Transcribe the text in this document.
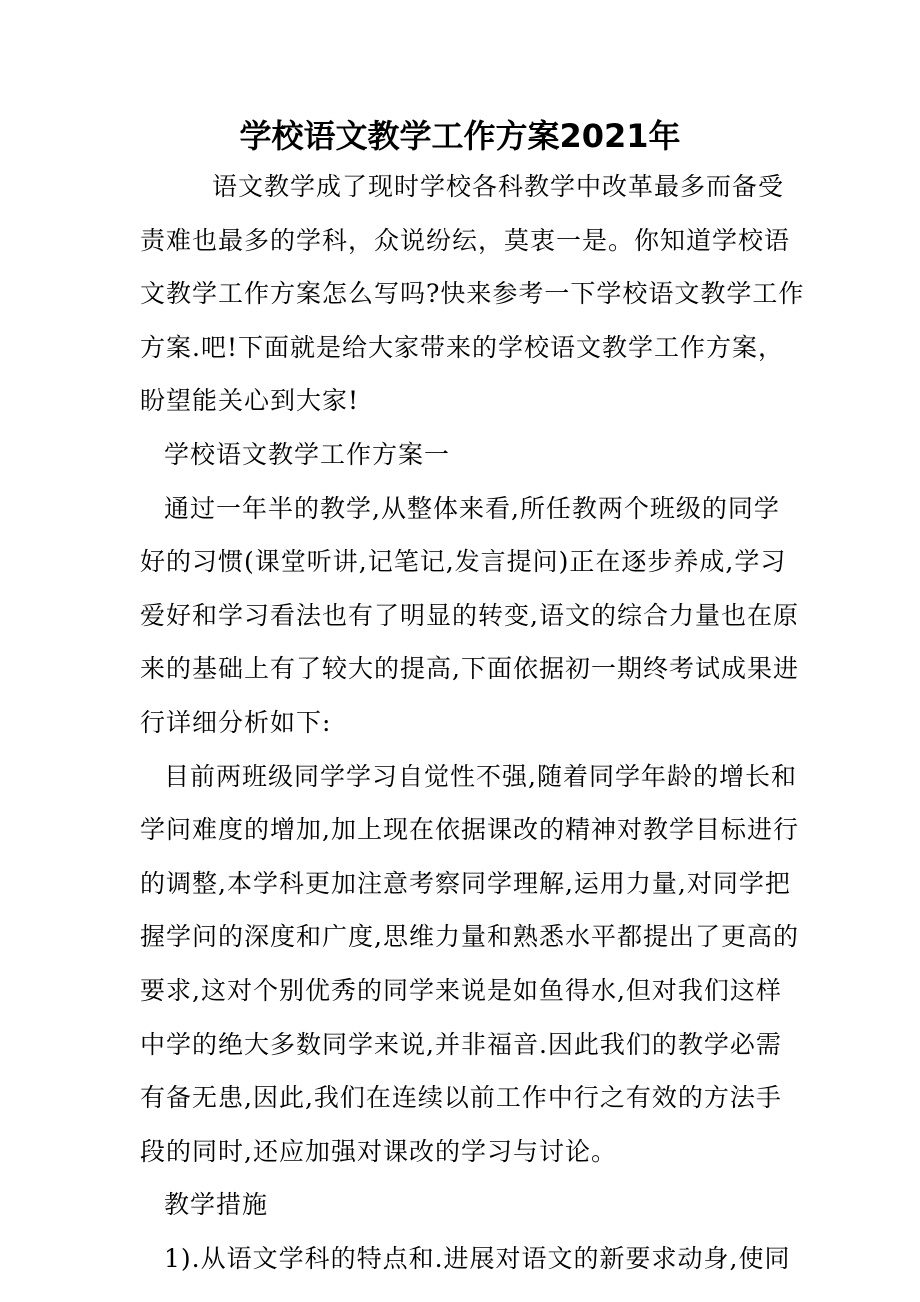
学校语文教学工作方案2021年
语文教学成了现时学校各科教学中改革最多而备受
责难也最多的学科，众说纷纭，莫衷一是。你知道学校语
文教学工作方案怎么写吗?快来参考一下学校语文教学工作
方案.吧!下面就是给大家带来的学校语文教学工作方案，
盼望能关心到大家!
学校语文教学工作方案一
通过一年半的教学,从整体来看,所任教两个班级的同学
好的习惯(课堂听讲,记笔记,发言提问)正在逐步养成,学习
爱好和学习看法也有了明显的转变,语文的综合力量也在原
来的基础上有了较大的提高,下面依据初一期终考试成果进
行详细分析如下:
目前两班级同学学习自觉性不强,随着同学年龄的增长和
学问难度的增加,加上现在依据课改的精神对教学目标进行
的调整,本学科更加注意考察同学理解,运用力量,对同学把
握学问的深度和广度,思维力量和熟悉水平都提出了更高的
要求,这对个别优秀的同学来说是如鱼得水,但对我们这样
中学的绝大多数同学来说,并非福音.因此我们的教学必需
有备无患,因此,我们在连续以前工作中行之有效的方法手
段的同时,还应加强对课改的学习与讨论。
教学措施
1).从语文学科的特点和.进展对语文的新要求动身,使同
